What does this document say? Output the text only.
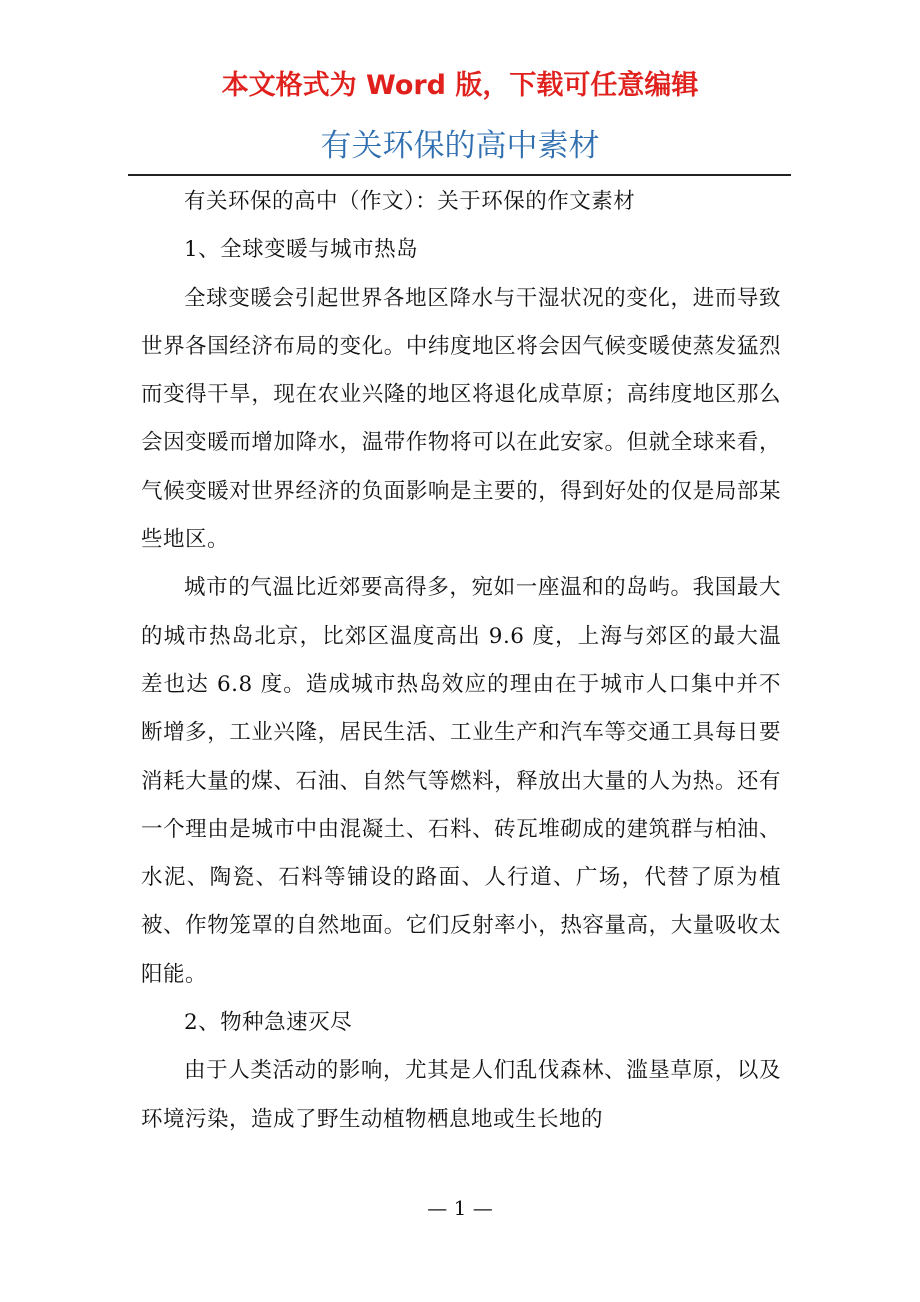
本文格式为 Word 版，下载可任意编辑
有关环保的高中素材

有关环保的高中（作文）：关于环保的作文素材

1、全球变暖与城市热岛

全球变暖会引起世界各地区降水与干湿状况的变化，进而导致世界各国经济布局的变化。中纬度地区将会因气候变暖使蒸发猛烈而变得干旱，现在农业兴隆的地区将退化成草原；高纬度地区那么会因变暖而增加降水，温带作物将可以在此安家。但就全球来看，气候变暖对世界经济的负面影响是主要的，得到好处的仅是局部某些地区。

城市的气温比近郊要高得多，宛如一座温和的岛屿。我国最大的城市热岛北京，比郊区温度高出 9.6 度，上海与郊区的最大温差也达 6.8 度。造成城市热岛效应的理由在于城市人口集中并不断增多，工业兴隆，居民生活、工业生产和汽车等交通工具每日要消耗大量的煤、石油、自然气等燃料，释放出大量的人为热。还有一个理由是城市中由混凝土、石料、砖瓦堆砌成的建筑群与柏油、水泥、陶瓷、石料等铺设的路面、人行道、广场，代替了原为植被、作物笼罩的自然地面。它们反射率小，热容量高，大量吸收太阳能。

2、物种急速灭尽

由于人类活动的影响，尤其是人们乱伐森林、滥垦草原，以及环境污染，造成了野生动植物栖息地或生长地的

— 1 —
